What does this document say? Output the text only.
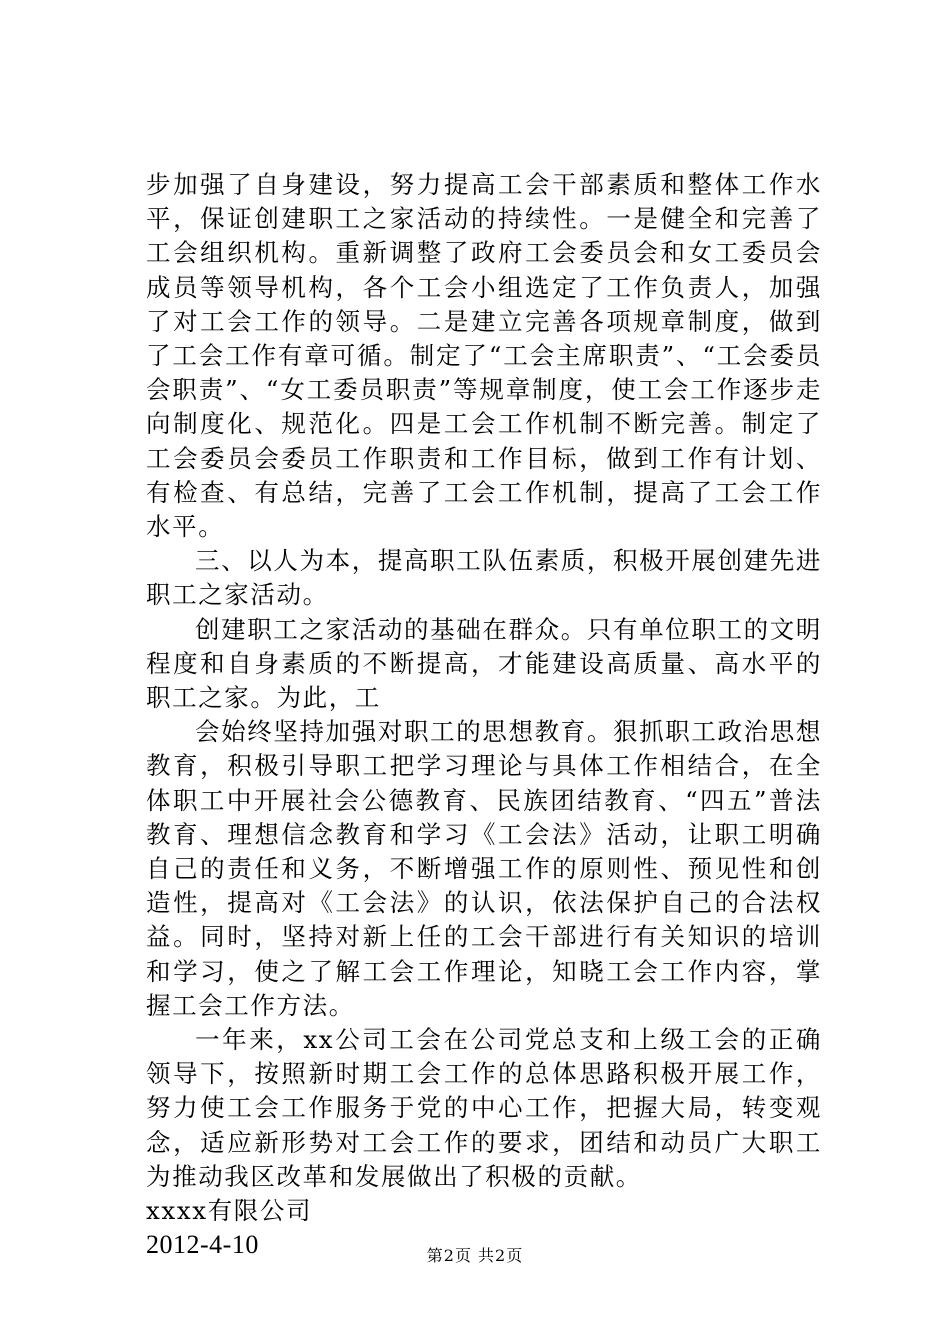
步加强了自身建设，努力提高工会干部素质和整体工作水平，保证创建职工之家活动的持续性。一是健全和完善了工会组织机构。重新调整了政府工会委员会和女工委员会成员等领导机构，各个工会小组选定了工作负责人，加强了对工会工作的领导。二是建立完善各项规章制度，做到了工会工作有章可循。制定了“工会主席职责”、“工会委员会职责”、“女工委员职责”等规章制度，使工会工作逐步走向制度化、规范化。四是工会工作机制不断完善。制定了工会委员会委员工作职责和工作目标，做到工作有计划、有检查、有总结，完善了工会工作机制，提高了工会工作水平。

三、以人为本，提高职工队伍素质，积极开展创建先进职工之家活动。

创建职工之家活动的基础在群众。只有单位职工的文明程度和自身素质的不断提高，才能建设高质量、高水平的职工之家。为此，工

会始终坚持加强对职工的思想教育。狠抓职工政治思想教育，积极引导职工把学习理论与具体工作相结合，在全体职工中开展社会公德教育、民族团结教育、“四五”普法教育、理想信念教育和学习《工会法》活动，让职工明确自己的责任和义务，不断增强工作的原则性、预见性和创造性，提高对《工会法》的认识，依法保护自己的合法权益。同时，坚持对新上任的工会干部进行有关知识的培训和学习，使之了解工会工作理论，知晓工会工作内容，掌握工会工作方法。

一年来，xx公司工会在公司党总支和上级工会的正确领导下，按照新时期工会工作的总体思路积极开展工作，努力使工会工作服务于党的中心工作，把握大局，转变观念，适应新形势对工会工作的要求，团结和动员广大职工为推动我区改革和发展做出了积极的贡献。

xxxx有限公司

2012-4-10	第2页 共2页
